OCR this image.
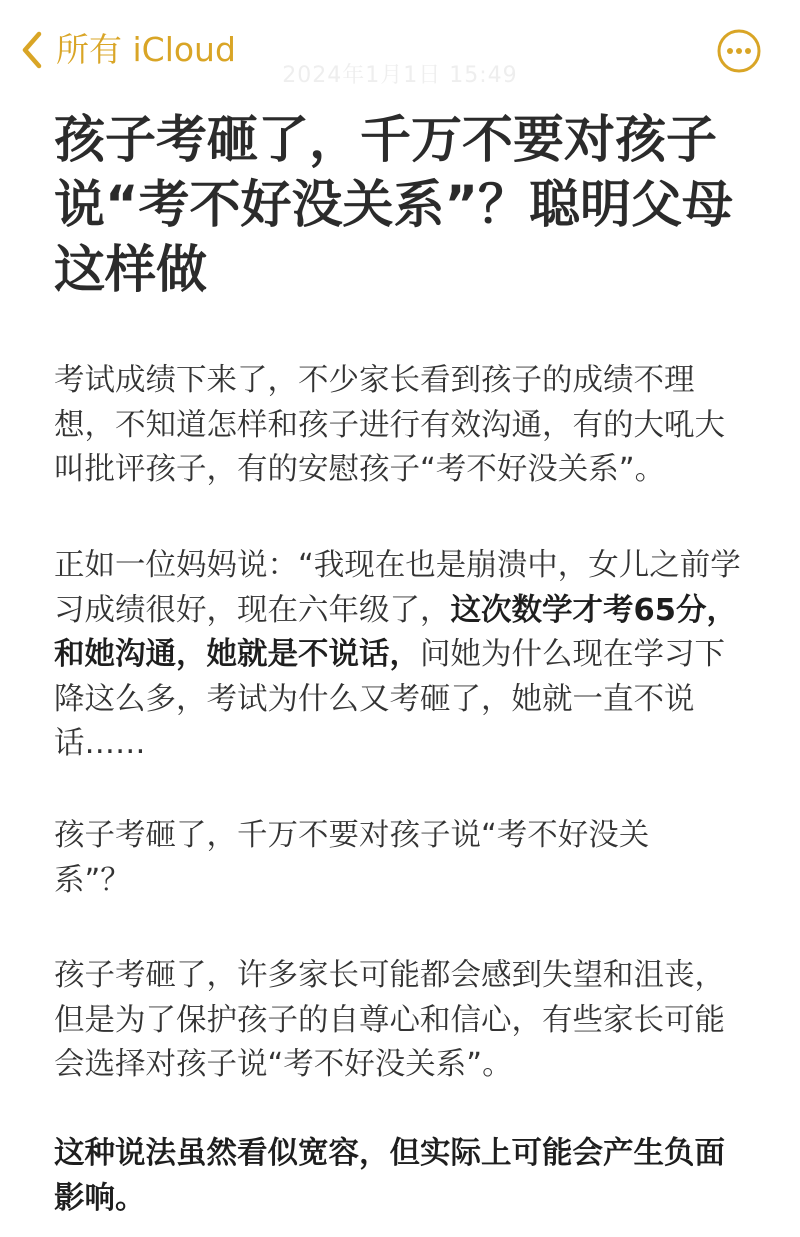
所有 iCloud
2024年1月1日 15:49
孩子考砸了，千万不要对孩子说“考不好没关系”？聪明父母这样做

考试成绩下来了，不少家长看到孩子的成绩不理想，不知道怎样和孩子进行有效沟通，有的大吼大叫批评孩子，有的安慰孩子“考不好没关系”。

正如一位妈妈说：“我现在也是崩溃中，女儿之前学习成绩很好，现在六年级了，这次数学才考65分，和她沟通，她就是不说话，问她为什么现在学习下降这么多，考试为什么又考砸了，她就一直不说话……

孩子考砸了，千万不要对孩子说“考不好没关系”？

孩子考砸了，许多家长可能都会感到失望和沮丧，但是为了保护孩子的自尊心和信心，有些家长可能会选择对孩子说“考不好没关系”。

这种说法虽然看似宽容，但实际上可能会产生负面影响。
